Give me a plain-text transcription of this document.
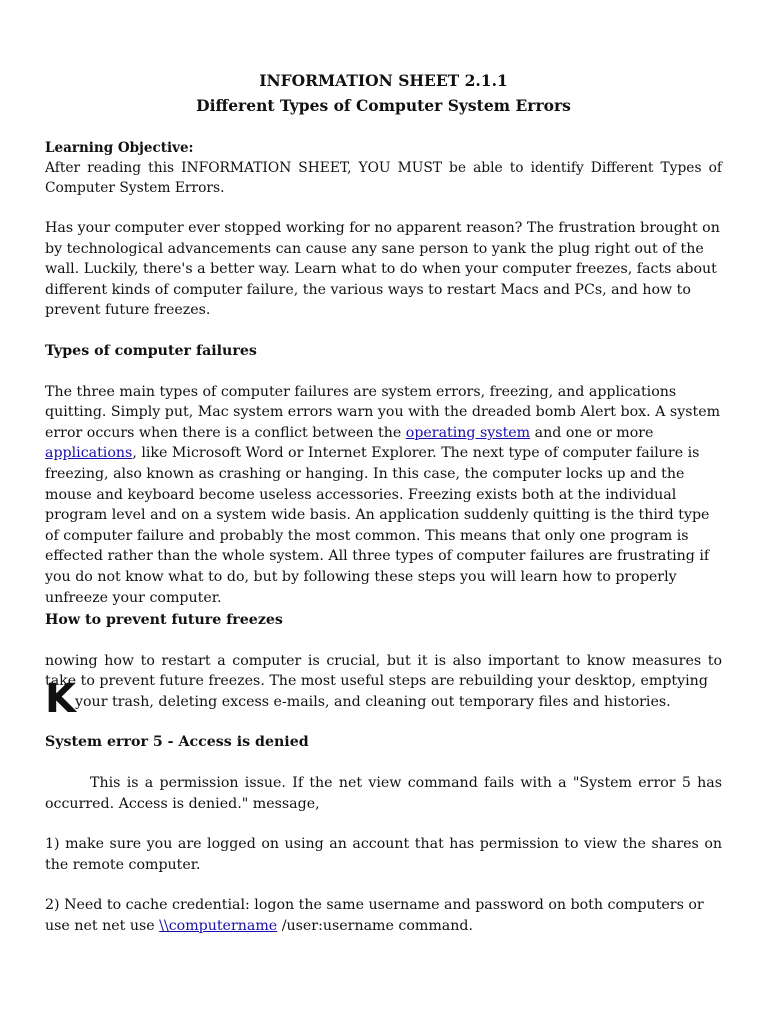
INFORMATION SHEET 2.1.1
Different Types of Computer System Errors
Learning Objective:

After reading this INFORMATION SHEET, YOU MUST be able to identify Different Types of Computer System Errors.

Has your computer ever stopped working for no apparent reason? The frustration brought on by technological advancements can cause any sane person to yank the plug right out of the wall. Luckily, there's a better way. Learn what to do when your computer freezes, facts about different kinds of computer failure, the various ways to restart Macs and PCs, and how to prevent future freezes.

Types of computer failures

The three main types of computer failures are system errors, freezing, and applications quitting. Simply put, Mac system errors warn you with the dreaded bomb Alert box. A system error occurs when there is a conflict between the operating system and one or more applications, like Microsoft Word or Internet Explorer. The next type of computer failure is freezing, also known as crashing or hanging. In this case, the computer locks up and the mouse and keyboard become useless accessories. Freezing exists both at the individual program level and on a system wide basis. An application suddenly quitting is the third type of computer failure and probably the most common. This means that only one program is effected rather than the whole system. All three types of computer failures are frustrating if you do not know what to do, but by following these steps you will learn how to properly unfreeze your computer.

How to prevent future freezes
K

nowing how to restart a computer is crucial, but it is also important to know measures to take to prevent future freezes. The most useful steps are rebuilding your desktop, emptying

your trash, deleting excess e-mails, and cleaning out temporary files and histories.

System error 5 - Access is denied

This is a permission issue. If the net view command fails with a "System error 5 has occurred. Access is denied." message,

1) make sure you are logged on using an account that has permission to view the shares on the remote computer.

2) Need to cache credential: logon the same username and password on both computers or use net net use \\computername /user:username command.
